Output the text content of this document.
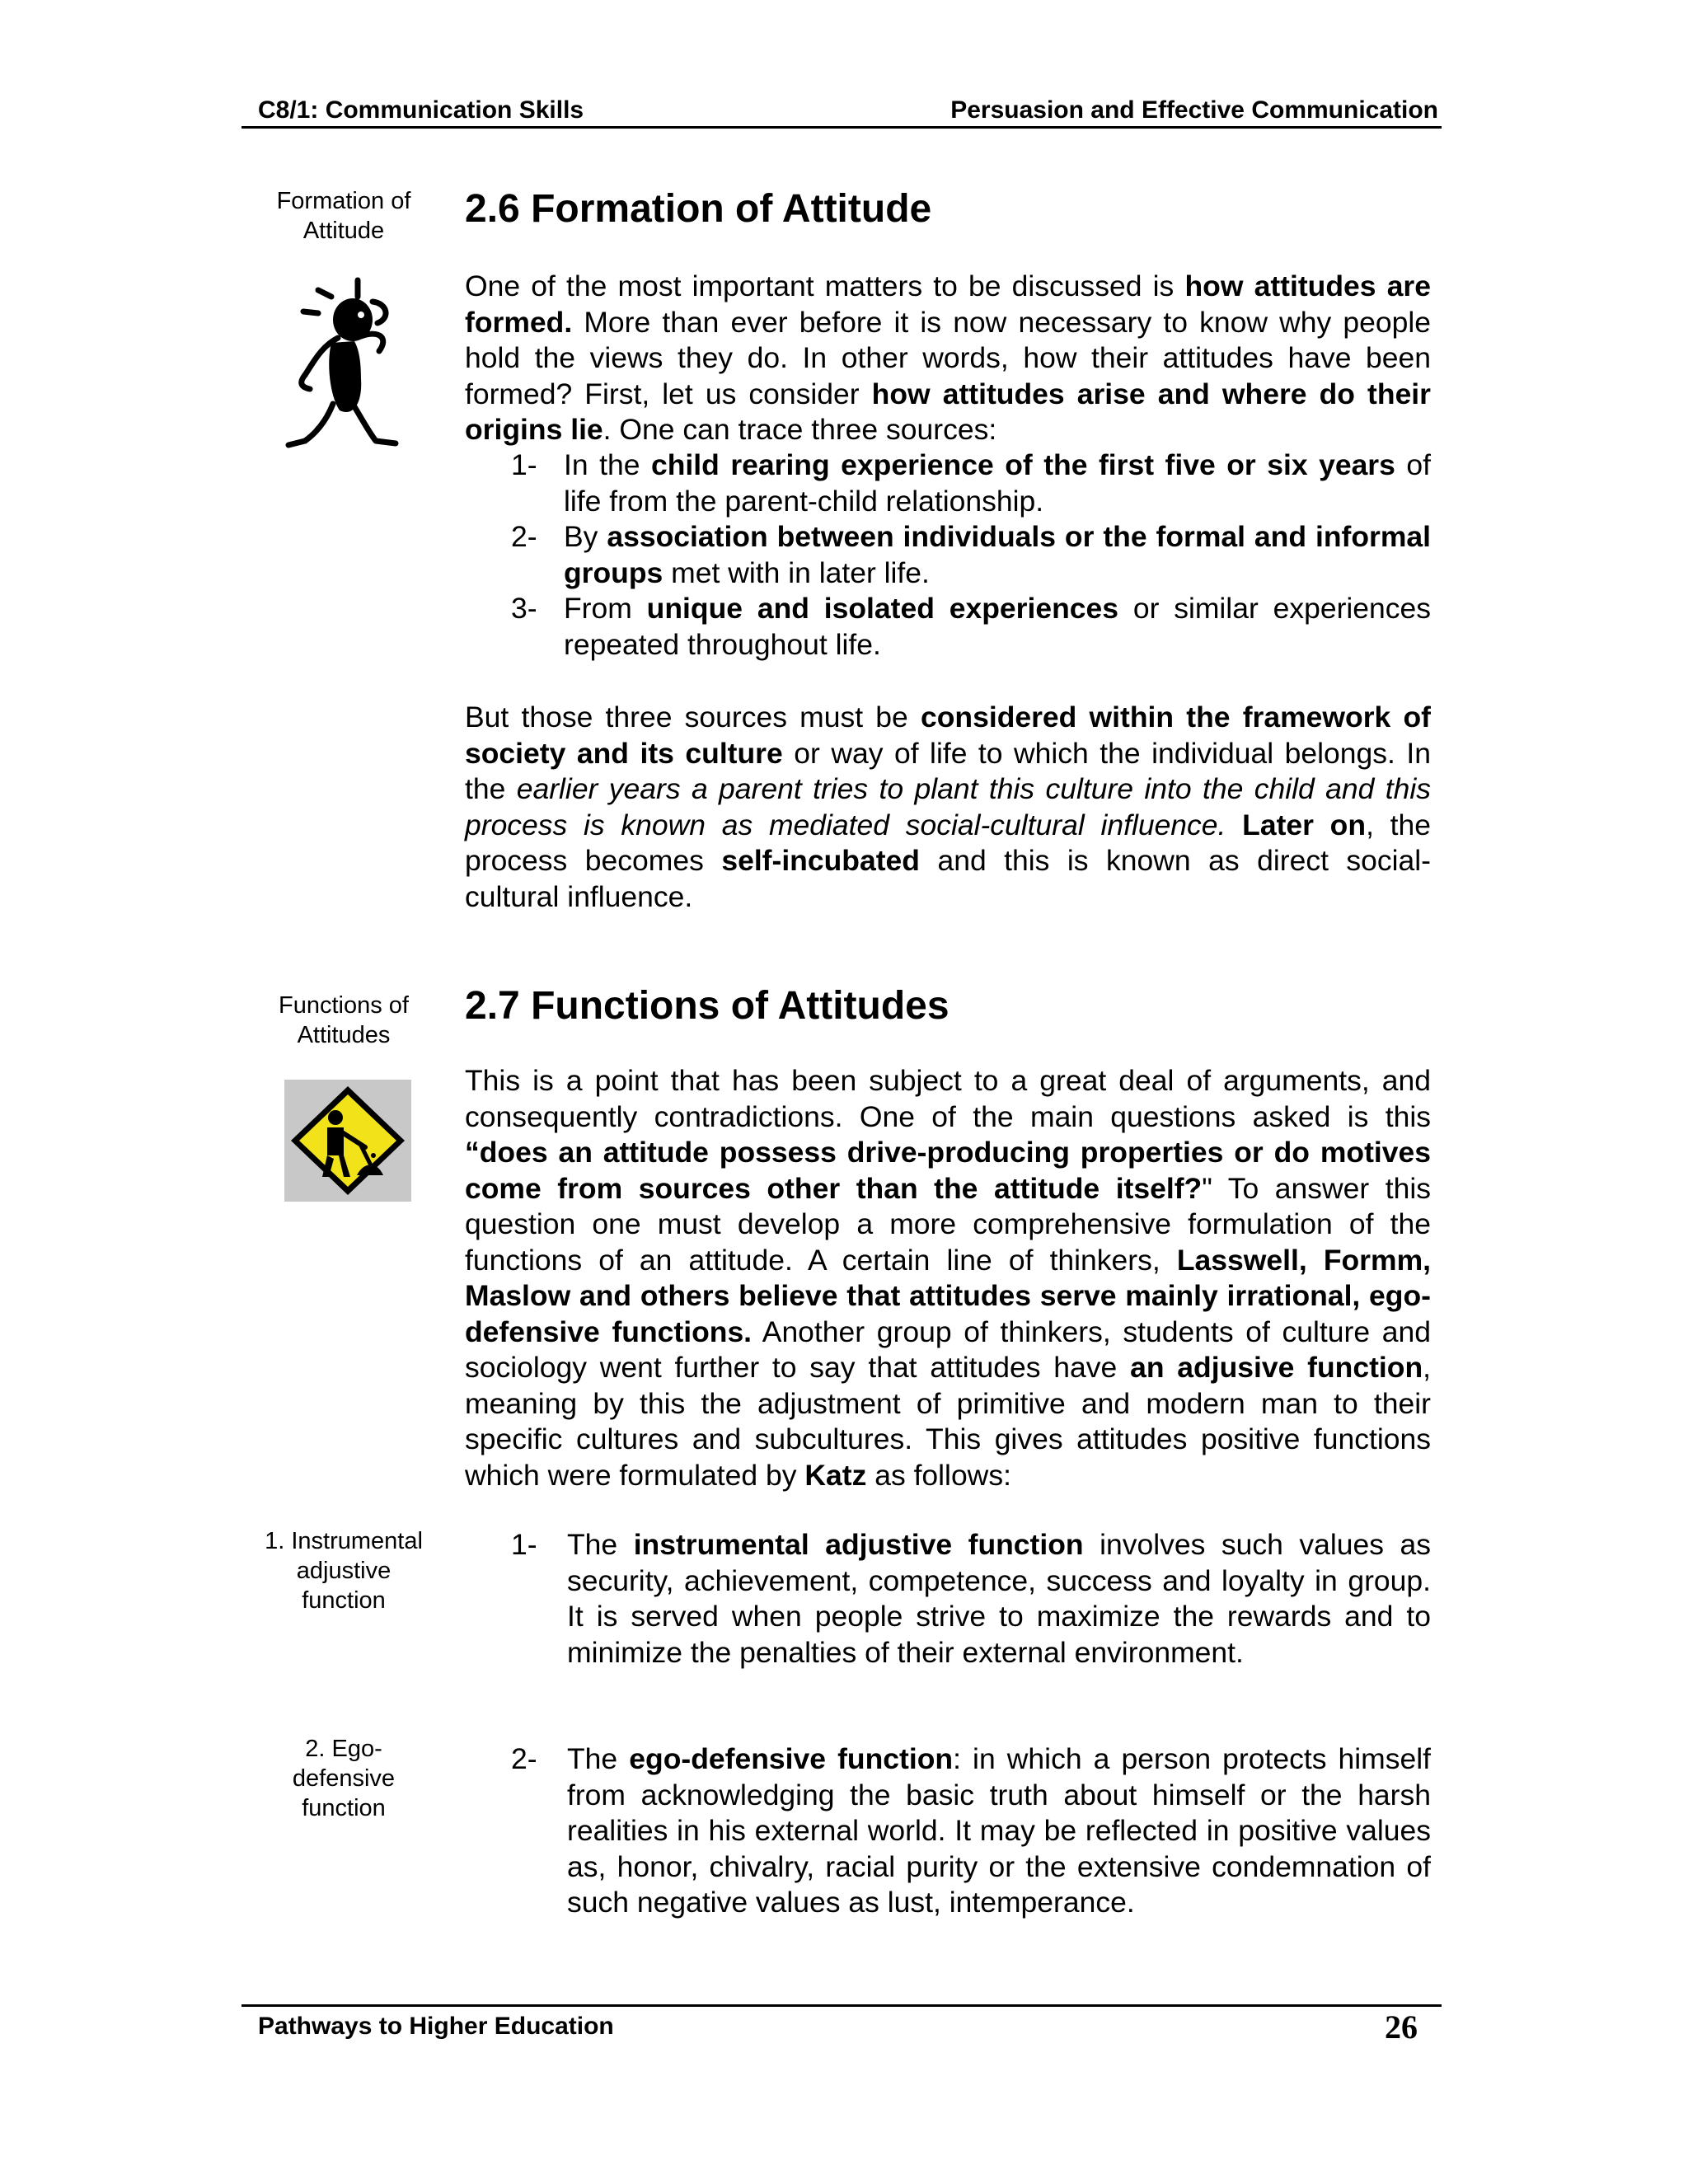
C8/1: Communication Skills	Persuasion and Effective Communication
Formation of
Attitude	2.6 Formation of Attitude
One of the most important matters to be discussed is how attitudes are formed. More than ever before it is now necessary to know why people hold the views they do. In other words, how their attitudes have been formed? First, let us consider how attitudes arise and where do their origins lie. One can trace three sources:
1- In the child rearing experience of the first five or six years of life from the parent-child relationship.
2- By association between individuals or the formal and informal groups met with in later life.
3- From unique and isolated experiences or similar experiences repeated throughout life.
But those three sources must be considered within the framework of society and its culture or way of life to which the individual belongs. In the earlier years a parent tries to plant this culture into the child and this process is known as mediated social-cultural influence. Later on, the process becomes self-incubated and this is known as direct social-cultural influence.
Functions of
Attitudes
2.7 Functions of Attitudes
This is a point that has been subject to a great deal of arguments, and consequently contradictions. One of the main questions asked is this “does an attitude possess drive-producing properties or do motives come from sources other than the attitude itself?" To answer this question one must develop a more comprehensive formulation of the functions of an attitude. A certain line of thinkers, Lasswell, Formm, Maslow and others believe that attitudes serve mainly irrational, ego-defensive functions. Another group of thinkers, students of culture and sociology went further to say that attitudes have an adjusive function, meaning by this the adjustment of primitive and modern man to their specific cultures and subcultures. This gives attitudes positive functions which were formulated by Katz as follows:
1. Instrumental
adjustive
function
1-	The instrumental adjustive function involves such values as security, achievement, competence, success and loyalty in group. It is served when people strive to maximize the rewards and to minimize the penalties of their external environment.
2. Ego-
defensive
function
2-	The ego-defensive function: in which a person protects himself from acknowledging the basic truth about himself or the harsh realities in his external world. It may be reflected in positive values as, honor, chivalry, racial purity or the extensive condemnation of such negative values as lust, intemperance.
Pathways to Higher Education	26
